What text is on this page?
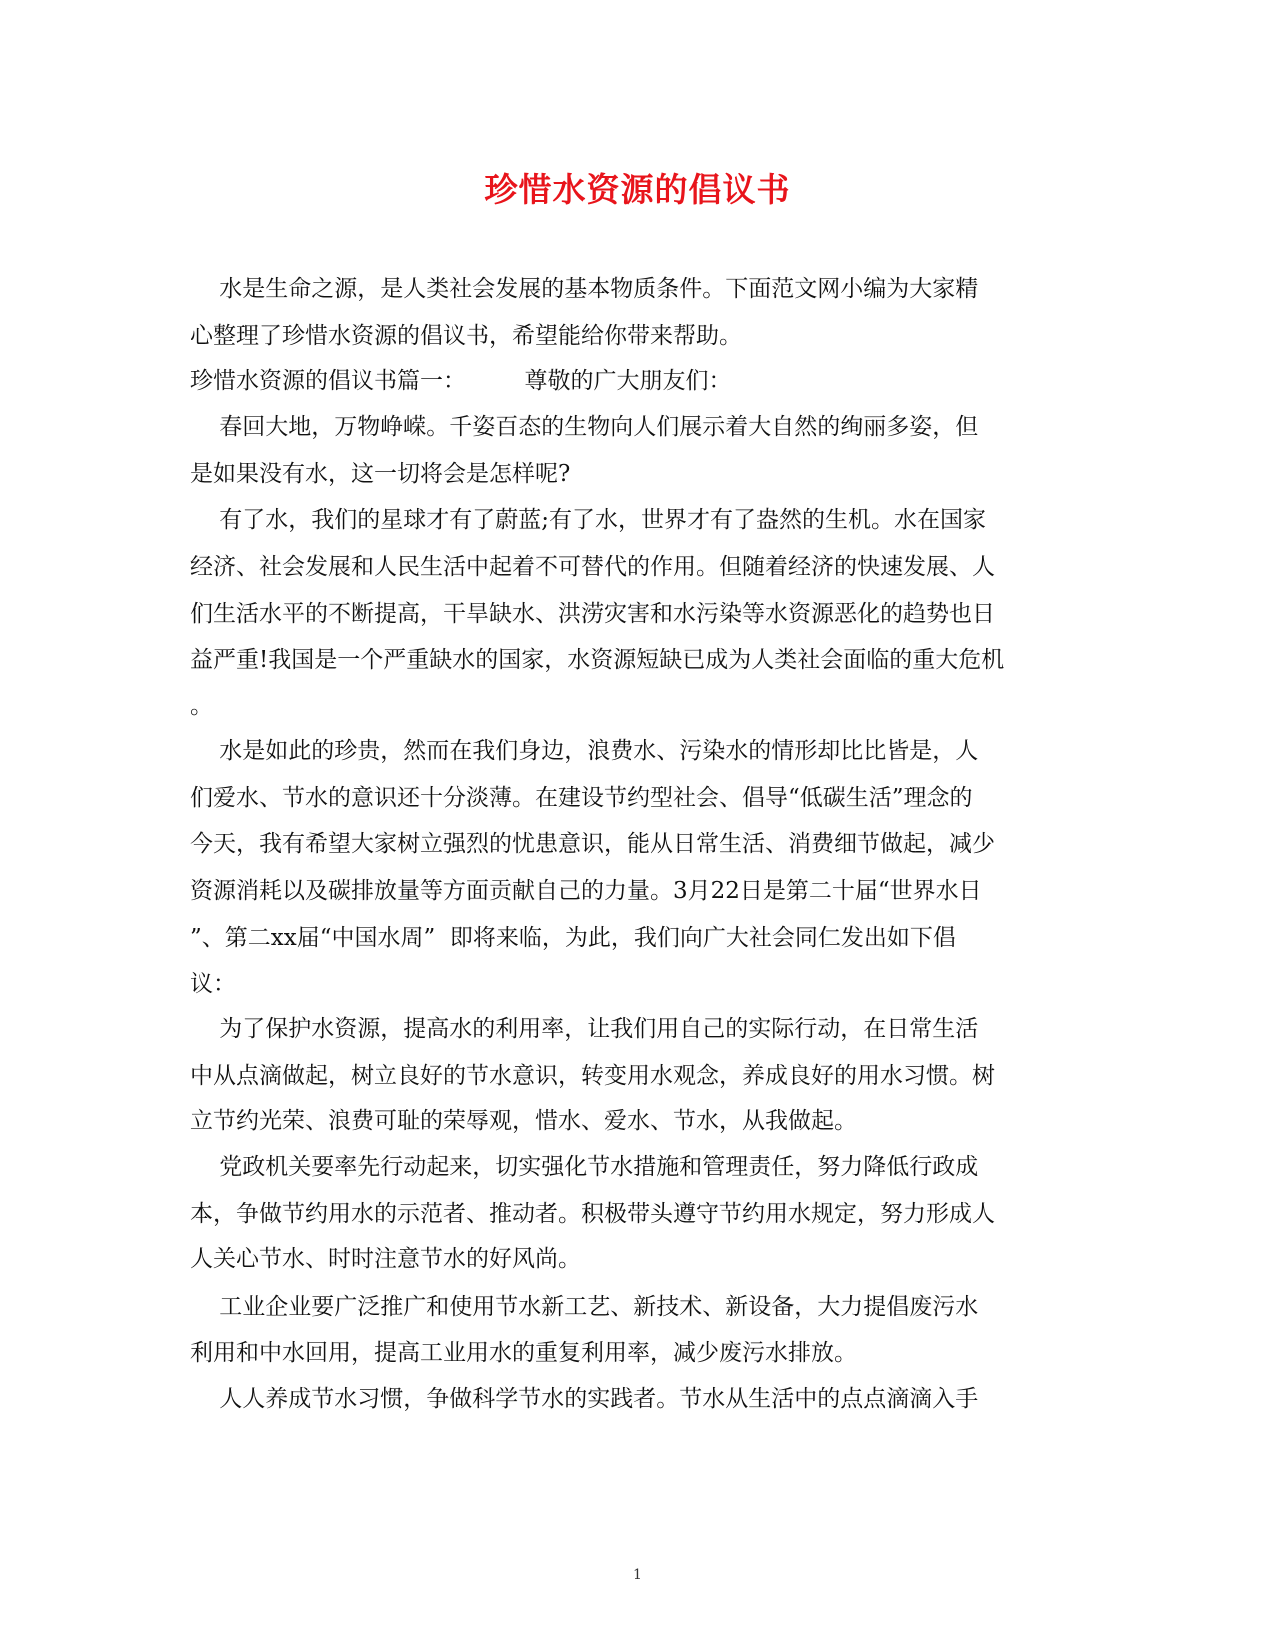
珍惜水资源的倡议书
水是生命之源，是人类社会发展的基本物质条件。下面范文网小编为大家精
心整理了珍惜水资源的倡议书，希望能给你带来帮助。
珍惜水资源的倡议书篇一：        尊敬的广大朋友们：
春回大地，万物峥嵘。千姿百态的生物向人们展示着大自然的绚丽多姿，但
是如果没有水，这一切将会是怎样呢?
有了水，我们的星球才有了蔚蓝;有了水，世界才有了盎然的生机。水在国家
经济、社会发展和人民生活中起着不可替代的作用。但随着经济的快速发展、人
们生活水平的不断提高，干旱缺水、洪涝灾害和水污染等水资源恶化的趋势也日
益严重!我国是一个严重缺水的国家，水资源短缺已成为人类社会面临的重大危机
。
水是如此的珍贵，然而在我们身边，浪费水、污染水的情形却比比皆是，人
们爱水、节水的意识还十分淡薄。在建设节约型社会、倡导“低碳生活”理念的
今天，我有希望大家树立强烈的忧患意识，能从日常生活、消费细节做起，减少
资源消耗以及碳排放量等方面贡献自己的力量。3月22日是第二十届“世界水日
”、第二xx届“中国水周”  即将来临，为此，我们向广大社会同仁发出如下倡
议：
为了保护水资源，提高水的利用率，让我们用自己的实际行动，在日常生活
中从点滴做起，树立良好的节水意识，转变用水观念，养成良好的用水习惯。树
立节约光荣、浪费可耻的荣辱观，惜水、爱水、节水，从我做起。
党政机关要率先行动起来，切实强化节水措施和管理责任，努力降低行政成
本，争做节约用水的示范者、推动者。积极带头遵守节约用水规定，努力形成人
人关心节水、时时注意节水的好风尚。
工业企业要广泛推广和使用节水新工艺、新技术、新设备，大力提倡废污水
利用和中水回用，提高工业用水的重复利用率，减少废污水排放。
人人养成节水习惯，争做科学节水的实践者。节水从生活中的点点滴滴入手
1
